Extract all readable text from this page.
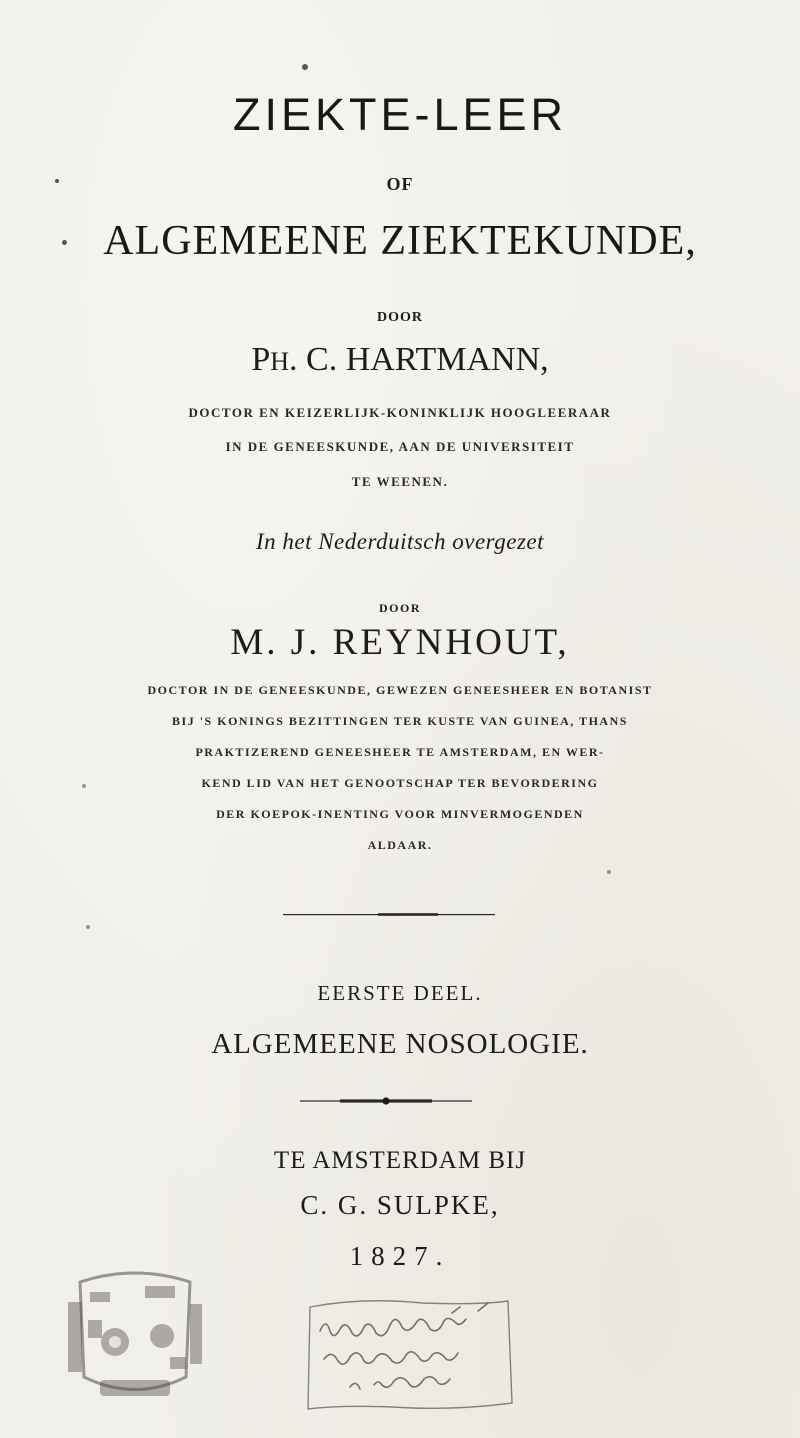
ZIEKTE-LEER
OF
ALGEMEENE ZIEKTEKUNDE,
DOOR
PH. C. HARTMANN,
DOCTOR EN KEIZERLIJK-KONINKLIJK HOOGLEERAAR
IN DE GENEESKUNDE, AAN DE UNIVERSITEIT
TE WEENEN.
In het Nederduitsch overgezet
DOOR
M. J. REYNHOUT,
DOCTOR IN DE GENEESKUNDE, GEWEZEN GENEESHEER EN BOTANIST
BIJ 'S KONINGS BEZITTINGEN TER KUSTE VAN GUINEA, THANS
PRAKTIZEREND GENEESHEER TE AMSTERDAM, EN WER-
KEND LID VAN HET GENOOTSCHAP TER BEVORDERING
DER KOEPOK-INENTING VOOR MINVERMOGENDEN
ALDAAR.
EERSTE DEEL.
ALGEMEENE NOSOLOGIE.
TE AMSTERDAM BIJ
C. G. SULPKE,
1827.
